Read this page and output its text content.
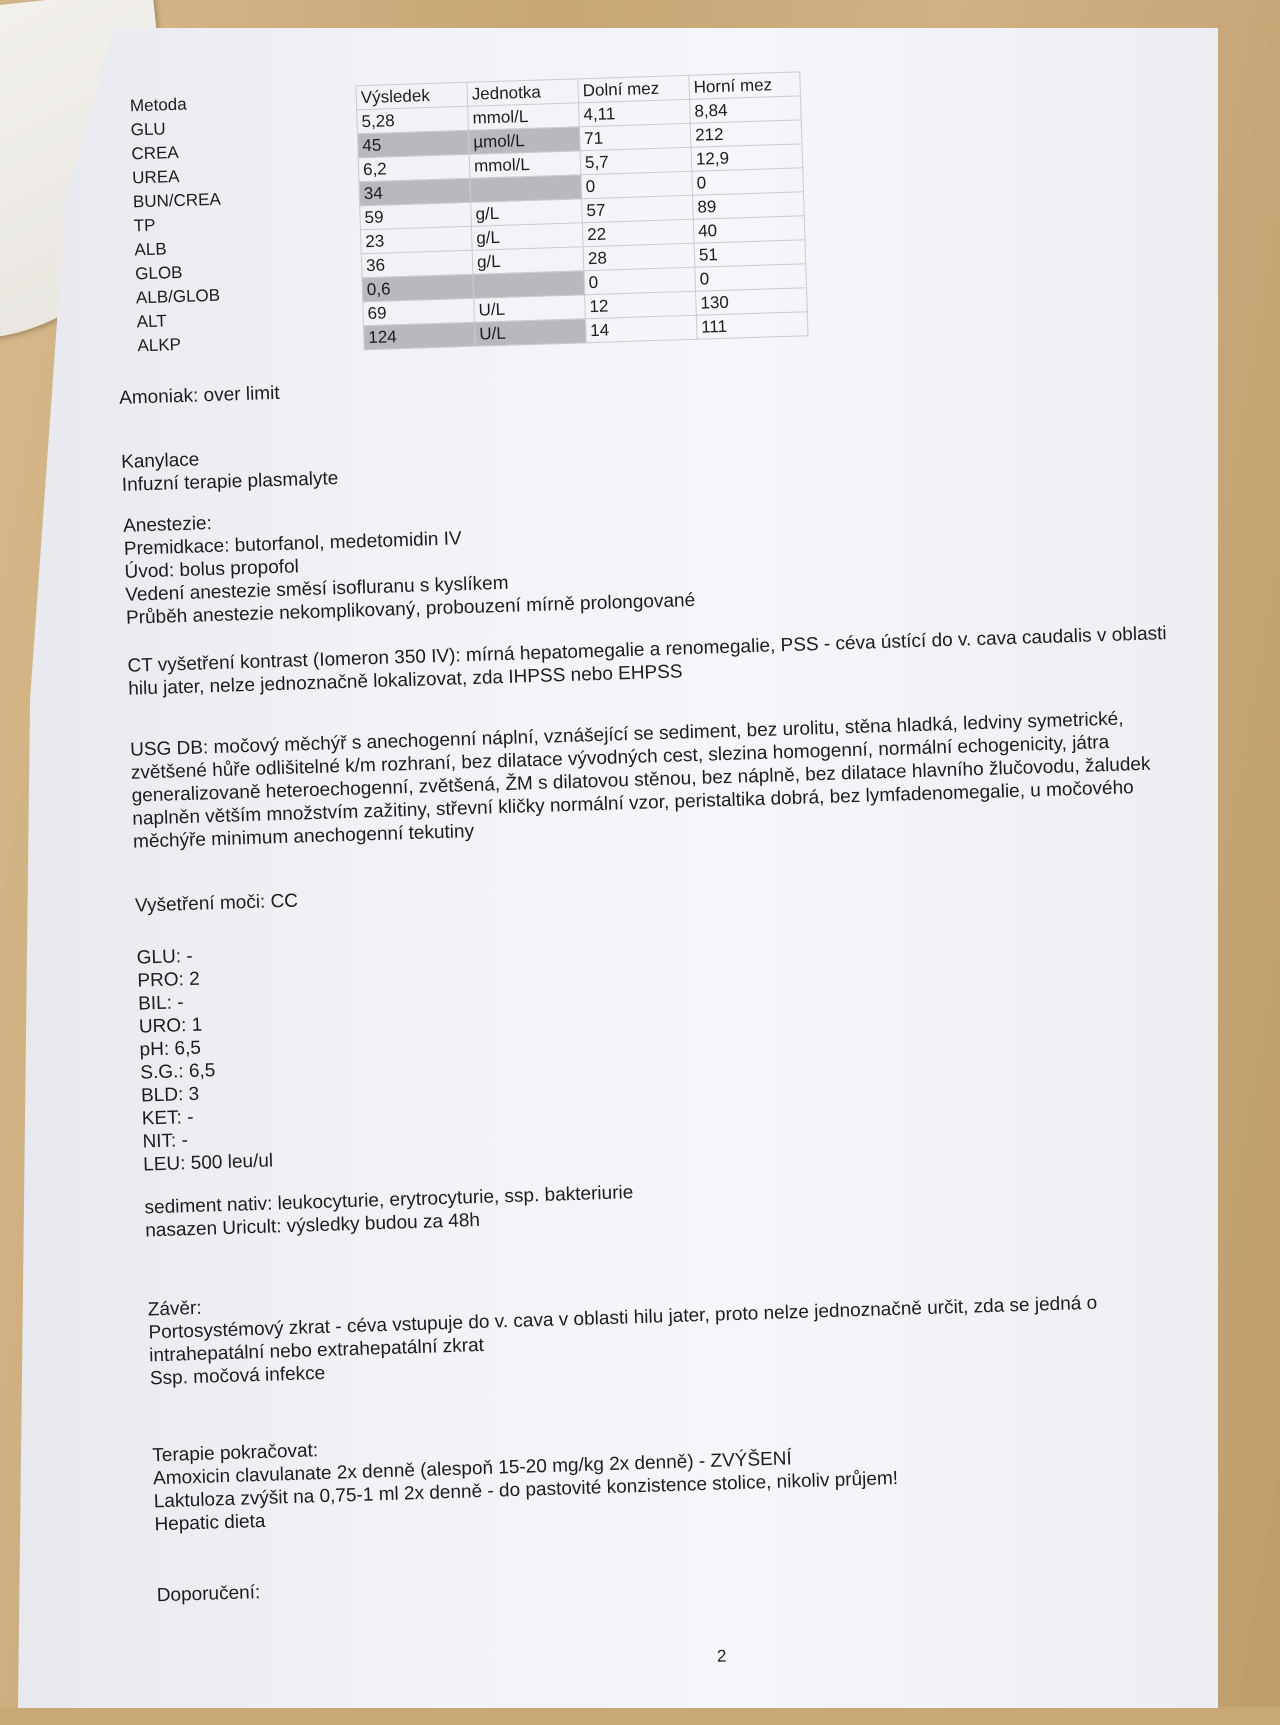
Metoda	Výsledek	Jednotka	Dolní mez	Horní mez
GLU	5,28	mmol/L	4,11	8,84
CREA	45	µmol/L	71	212
UREA	6,2	mmol/L	5,7	12,9
BUN/CREA	34		0	0
TP	59	g/L	57	89
ALB	23	g/L	22	40
GLOB	36	g/L	28	51
ALB/GLOB	0,6		0	0
ALT	69	U/L	12	130
ALKP	124	U/L	14	111
Amoniak: over limit
Kanylace
Infuzní terapie plasmalyte
Anestezie:
Premidkace: butorfanol, medetomidin IV
Úvod: bolus propofol
Vedení anestezie směsí isofluranu s kyslíkem
Průběh anestezie nekomplikovaný, probouzení mírně prolongované
CT vyšetření kontrast (Iomeron 350 IV): mírná hepatomegalie a renomegalie, PSS - céva ústící do v. cava caudalis v oblasti
hilu jater, nelze jednoznačně lokalizovat, zda IHPSS nebo EHPSS
USG DB: močový měchýř s anechogenní náplní, vznášející se sediment, bez urolitu, stěna hladká, ledviny symetrické,
zvětšené hůře odlišitelné k/m rozhraní, bez dilatace vývodných cest, slezina homogenní, normální echogenicity, játra
generalizovaně heteroechogenní, zvětšená, ŽM s dilatovou stěnou, bez náplně, bez dilatace hlavního žlučovodu, žaludek
naplněn větším množstvím zažitiny, střevní kličky normální vzor, peristaltika dobrá, bez lymfadenomegalie, u močového
měchýře minimum anechogenní tekutiny
Vyšetření moči: CC
GLU: -
PRO: 2
BIL: -
URO: 1
pH: 6,5
S.G.: 6,5
BLD: 3
KET: -
NIT: -
LEU: 500 leu/ul
sediment nativ: leukocyturie, erytrocyturie, ssp. bakteriurie
nasazen Uricult: výsledky budou za 48h
Závěr:
Portosystémový zkrat - céva vstupuje do v. cava v oblasti hilu jater, proto nelze jednoznačně určit, zda se jedná o
intrahepatální nebo extrahepatální zkrat
Ssp. močová infekce
Terapie pokračovat:
Amoxicin clavulanate 2x denně (alespoň 15-20 mg/kg 2x denně) - ZVÝŠENÍ
Laktuloza zvýšit na 0,75-1 ml 2x denně - do pastovité konzistence stolice, nikoliv průjem!
Hepatic dieta
Doporučení:
2
